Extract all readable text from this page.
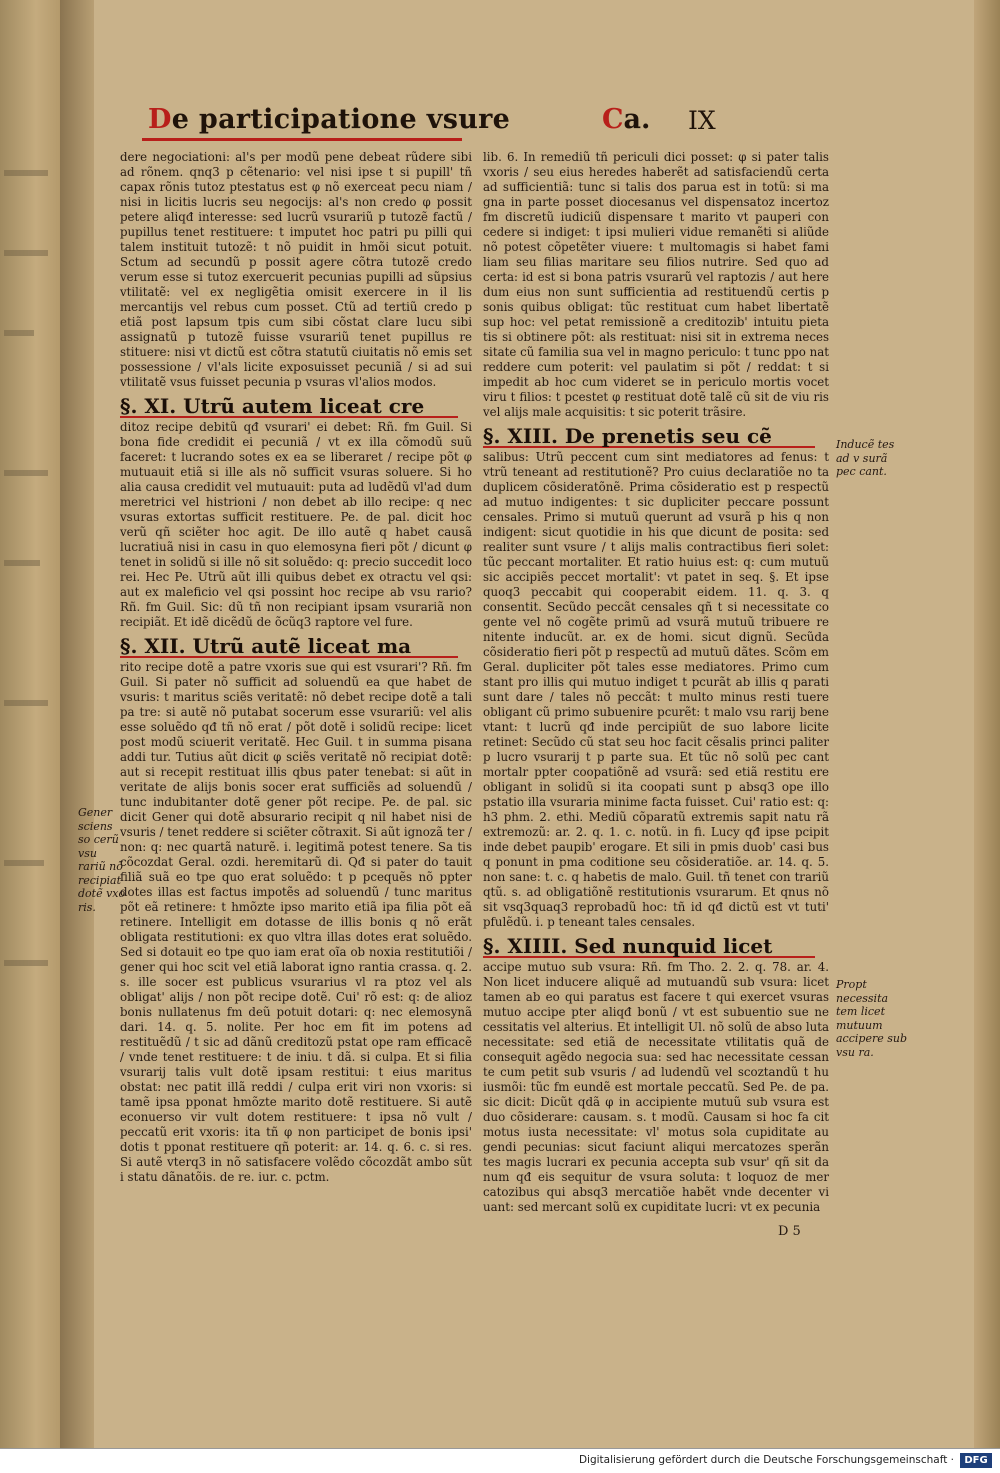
De participatione vsure	Ca. IX

dere negociationi: al's per modũ pene debeat rũdere sibi ad rõnem. qnq3 p cẽtenario: vel nisi ipse t si pupill' tñ capax rõnis tutoz ptestatus est φ nõ exerceat pecu niam / nisi in licitis lucris seu negocijs: al's non credo φ possit petere aliqđ interesse: sed lucrũ vsurariũ p tutozẽ factũ / pupillus tenet restituere: t imputet hoc patri pu pilli qui talem instituit tutozẽ: t nõ puidit in hmõi sicut potuit. Sctum ad secundũ p possit agere cõtra tutozẽ credo verum esse si tutoz exercuerit pecunias pupilli ad sũpsius vtilitatẽ: vel ex negligẽtia omisit exercere in il lis mercantijs vel rebus cum posset. Ctũ ad tertiũ credo p etiã post lapsum tpis cum sibi cõstat clare lucu sibi assignatũ p tutozẽ fuisse vsurariũ tenet pupillus re stituere: nisi vt dictũ est cõtra statutũ ciuitatis nõ emis set possessione / vl'als licite exposuisset pecuniã / si ad sui vtilitatẽ vsus fuisset pecunia p vsuras vl'alios modos.

§. XI. Utrũ autem liceat cre

ditoz recipe debitũ qđ vsurari' ei debet: Rñ. fm Guil. Si bona fide credidit ei pecuniã / vt ex illa cõmodũ suũ faceret: t lucrando sotes ex ea se liberaret / recipe põt φ mutuauit etiã si ille als nõ sufficit vsuras soluere. Si ho alia causa credidit vel mutuauit: puta ad ludẽdũ vl'ad dum meretrici vel histrioni / non debet ab illo recipe: q nec vsuras extortas sufficit restituere. Pe. de pal. dicit hoc verũ qñ sciẽter hoc agit. De illo autẽ q habet causã lucratiuã nisi in casu in quo elemosyna fieri põt / dicunt φ tenet in solidũ si ille nõ sit soluẽdo: q: precio succedit loco rei. Hec Pe. Utrũ aũt illi quibus debet ex otractu vel qsi: aut ex maleficio vel qsi possint hoc recipe ab vsu rario? Rñ. fm Guil. Sic: dũ tñ non recipiant ipsam vsurariã non recipiãt. Et idẽ dicẽdũ de õcũq3 raptore vel fure.

§. XII. Utrũ autẽ liceat ma

rito recipe dotẽ a patre vxoris sue qui est vsurari'? Rñ. fm Guil. Si pater nõ sufficit ad soluendũ ea que habet de vsuris: t maritus sciẽs veritatẽ: nõ debet recipe dotẽ a tali pa tre: si autẽ nõ putabat socerum esse vsurariũ: vel alis esse soluẽdo qđ tñ nõ erat / põt dotẽ i solidũ recipe: licet post modũ sciuerit veritatẽ. Hec Guil. t in summa pisana addi tur. Tutius aũt dicit φ sciẽs veritatẽ nõ recipiat dotẽ: aut si recepit restituat illis qbus pater tenebat: si aũt in veritate de alijs bonis socer erat sufficiẽs ad soluendũ / tunc indubitanter dotẽ gener põt recipe. Pe. de pal. sic dicit Gener qui dotẽ absurario recipit q nil habet nisi de vsuris / tenet reddere si sciẽter cõtraxit. Si aũt ignozã ter / non: q: nec quartã naturẽ. i. legitimã potest tenere. Sa tis cõcozdat Geral. ozdi. heremitarũ di. Qđ si pater do tauit filiã suã eo tpe quo erat soluẽdo: t p pcequẽs nõ ppter dotes illas est factus impotẽs ad soluendũ / tunc maritus põt eã retinere: t hmõzte ipso marito etiã ipa filia põt eã retinere. Intelligit em dotasse de illis bonis q nõ erãt obligata restitutioni: ex quo vltra illas dotes erat soluẽdo. Sed si dotauit eo tpe quo iam erat oĩa ob noxia restitutiõi / gener qui hoc scit vel etiã laborat igno rantia crassa. q. 2. s. ille socer est publicus vsurarius vl ra ptoz vel als obligat' alijs / non põt recipe dotẽ. Cui' rõ est: q: de alioz bonis nullatenus fm deũ potuit dotari: q: nec elemosynã dari. 14. q. 5. nolite. Per hoc em fit im potens ad restituẽdũ / t sic ad dãnũ creditozũ pstat ope ram efficacẽ / vnde tenet restituere: t de iniu. t dã. si culpa. Et si filia vsurarij talis vult dotẽ ipsam restitui: t eius maritus obstat: nec patit illã reddi / culpa erit viri non vxoris: si tamẽ ipsa pponat hmõzte marito dotẽ restituere. Si autẽ econuerso vir vult dotem restituere: t ipsa nõ vult / peccatũ erit vxoris: ita tñ φ non participet de bonis ipsi' dotis t pponat restituere qñ poterit: ar. 14. q. 6. c. si res. Si autẽ vterq3 in nõ satisfacere volẽdo cõcozdãt ambo sũt i statu dãnatõis. de re. iur. c. pctm.

lib. 6. In remediũ tñ periculi dici posset: φ si pater talis vxoris / seu eius heredes haberẽt ad satisfaciendũ certa ad sufficientiã: tunc si talis dos parua est in totũ: si ma gna in parte posset diocesanus vel dispensatoz incertoz fm discretũ iudiciũ dispensare t marito vt pauperi con cedere si indiget: t ipsi mulieri vidue remanẽti si aliũde nõ potest cõpetẽter viuere: t multomagis si habet fami liam seu filias maritare seu filios nutrire. Sed quo ad certa: id est si bona patris vsurarũ vel raptozis / aut here dum eius non sunt sufficientia ad restituendũ certis p sonis quibus obligat: tũc restituat cum habet libertatẽ sup hoc: vel petat remissionẽ a creditozib' intuitu pieta tis si obtinere põt: als restituat: nisi sit in extrema neces sitate cũ familia sua vel in magno periculo: t tunc ppo nat reddere cum poterit: vel paulatim si põt / reddat: t si impedit ab hoc cum videret se in periculo mortis vocet viru t filios: t pcestet φ restituat dotẽ talẽ cũ sit de viu ris vel alijs male acquisitis: t sic poterit trãsire.

§. XIII. De prenetis seu cẽ

salibus: Utrũ peccent cum sint mediatores ad fenus: t vtrũ teneant ad restitutionẽ? Pro cuius declaratiõe no ta duplicem cõsideratõnẽ. Prima cõsideratio est p respectũ ad mutuo indigentes: t sic dupliciter peccare possunt censales. Primo si mutuũ querunt ad vsurã p his q non indigent: sicut quotidie in his que dicunt de posita: sed realiter sunt vsure / t alijs malis contractibus fieri solet: tũc peccant mortaliter. Et ratio huius est: q: cum mutuũ sic accipiẽs peccet mortalit': vt patet in seq. §. Et ipse quoq3 peccabit qui cooperabit eidem. 11. q. 3. q consentit. Secũdo peccãt censales qñ t si necessitate co gente vel nõ cogẽte primũ ad vsurã mutuũ tribuere re nitente inducũt. ar. ex de homi. sicut dignũ. Secũda cõsideratio fieri põt p respectũ ad mutuũ dãtes. Scõm em Geral. dupliciter põt tales esse mediatores. Primo cum stant pro illis qui mutuo indiget t pcurãt ab illis q parati sunt dare / tales nõ peccãt: t multo minus resti tuere obligant cũ primo subuenire pcurẽt: t malo vsu rarij bene vtant: t lucrũ qđ inde percipiũt de suo labore licite retinet: Secũdo cũ stat seu hoc facit cẽsalis princi paliter p lucro vsurarij t p parte sua. Et tũc nõ solũ pec cant mortalr ppter coopatiõnẽ ad vsurã: sed etiã restitu ere obligant in solidũ si ita coopati sunt p absq3 ope illo pstatio illa vsuraria minime facta fuisset. Cui' ratio est: q: h3 phm. 2. ethi. Mediũ cõparatũ extremis sapit natu rã extremozũ: ar. 2. q. 1. c. notũ. in fi. Lucy qđ ipse pcipit inde debet paupib' erogare. Et sili in pmis duob' casi bus q ponunt in pma coditione seu cõsideratiõe. ar. 14. q. 5. non sane: t. c. q habetis de malo. Guil. tñ tenet con trariũ qtũ. s. ad obligatiõnẽ restitutionis vsurarum. Et qnus nõ sit vsq3quaq3 reprobadũ hoc: tñ id qđ dictũ est vt tuti' pfulẽdũ. i. p teneant tales censales.

§. XIIII. Sed nunquid licet

accipe mutuo sub vsura: Rñ. fm Tho. 2. 2. q. 78. ar. 4. Non licet inducere aliquẽ ad mutuandũ sub vsura: licet tamen ab eo qui paratus est facere t qui exercet vsuras mutuo accipe pter aliqđ bonũ / vt est subuentio sue ne cessitatis vel alterius. Et intelligit Ul. nõ solũ de abso luta necessitate: sed etiã de necessitate vtilitatis quã de consequit agẽdo negocia sua: sed hac necessitate cessan te cum petit sub vsuris / ad ludendũ vel scoztandũ t hu iusmõi: tũc fm eundẽ est mortale peccatũ. Sed Pe. de pa. sic dicit: Dicũt qdã φ in accipiente mutuũ sub vsura est duo cõsiderare: causam. s. t modũ. Causam si hoc fa cit motus iusta necessitate: vl' motus sola cupiditate au gendi pecunias: sicut faciunt aliqui mercatozes sperãn tes magis lucrari ex pecunia accepta sub vsur' qñ sit da num qđ eis sequitur de vsura soluta: t loquoz de mer catozibus qui absq3 mercatiõe habẽt vnde decenter vi uant: sed mercant solũ ex cupiditate lucri: vt ex pecunia

Gener sciens so cerũ vsu rariũ nõ recipiat dotẽ vxo ris.
Inducẽ tes ad v surã pec cant.
Propt necessita tem licet mutuum accipere sub vsu ra.
D 5
Digitalisierung gefördert durch die Deutsche Forschungsgemeinschaft ·	DFG
